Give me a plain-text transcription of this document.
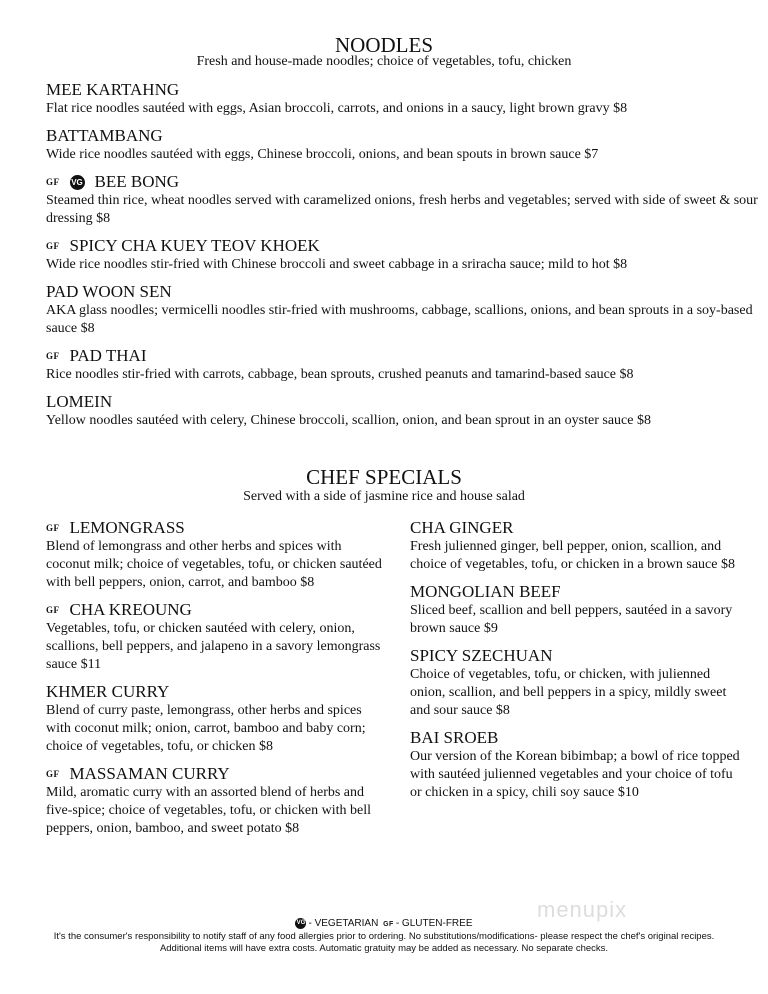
NOODLES
Fresh and house-made noodles; choice of vegetables, tofu, chicken
MEE KARTAHNG
Flat rice noodles sautéed with eggs, Asian broccoli, carrots, and onions in a saucy, light brown gravy $8
BATTAMBANG
Wide rice noodles sautéed with eggs, Chinese broccoli, onions, and bean spouts in brown sauce $7
GF VG BEE BONG
Steamed thin rice, wheat noodles served with caramelized onions, fresh herbs and vegetables; served with side of sweet & sour dressing $8
GF SPICY CHA KUEY TEOV KHOEK
Wide rice noodles stir-fried with Chinese broccoli and sweet cabbage in a sriracha sauce; mild to hot $8
PAD WOON SEN
AKA glass noodles; vermicelli noodles stir-fried with mushrooms, cabbage, scallions, onions, and bean sprouts in a soy-based sauce $8
GF PAD THAI
Rice noodles stir-fried with carrots, cabbage, bean sprouts, crushed peanuts and tamarind-based sauce $8
LOMEIN
Yellow noodles sautéed with celery, Chinese broccoli, scallion, onion, and bean sprout in an oyster sauce $8
CHEF SPECIALS
Served with a side of jasmine rice and house salad
GF LEMONGRASS
Blend of lemongrass and other herbs and spices with coconut milk; choice of vegetables, tofu, or chicken sautéed with bell peppers, onion, carrot, and bamboo $8
GF CHA KREOUNG
Vegetables, tofu, or chicken sautéed with celery, onion, scallions, bell peppers, and jalapeno in a savory lemongrass sauce $11
KHMER CURRY
Blend of curry paste, lemongrass, other herbs and spices with coconut milk; onion, carrot, bamboo and baby corn; choice of vegetables, tofu, or chicken $8
GF MASSAMAN CURRY
Mild, aromatic curry with an assorted blend of herbs and five-spice; choice of vegetables, tofu, or chicken with bell peppers, onion, bamboo, and sweet potato $8
CHA GINGER
Fresh julienned ginger, bell pepper, onion, scallion, and choice of vegetables, tofu, or chicken in a brown sauce $8
MONGOLIAN BEEF
Sliced beef, scallion and bell peppers, sautéed in a savory brown sauce $9
SPICY SZECHUAN
Choice of vegetables, tofu, or chicken, with julienned onion, scallion, and bell peppers in a spicy, mildly sweet and sour sauce $8
BAI SROEB
Our version of the Korean bibimbap; a bowl of rice topped with sautéed julienned vegetables and your choice of tofu or chicken in a spicy, chili soy sauce $10
menupix
VG - VEGETARIAN GF - GLUTEN-FREE
It's the consumer's responsibility to notify staff of any food allergies prior to ordering. No substitutions/modifications- please respect the chef's original recipes. Additional items will have extra costs. Automatic gratuity may be added as necessary. No separate checks.
